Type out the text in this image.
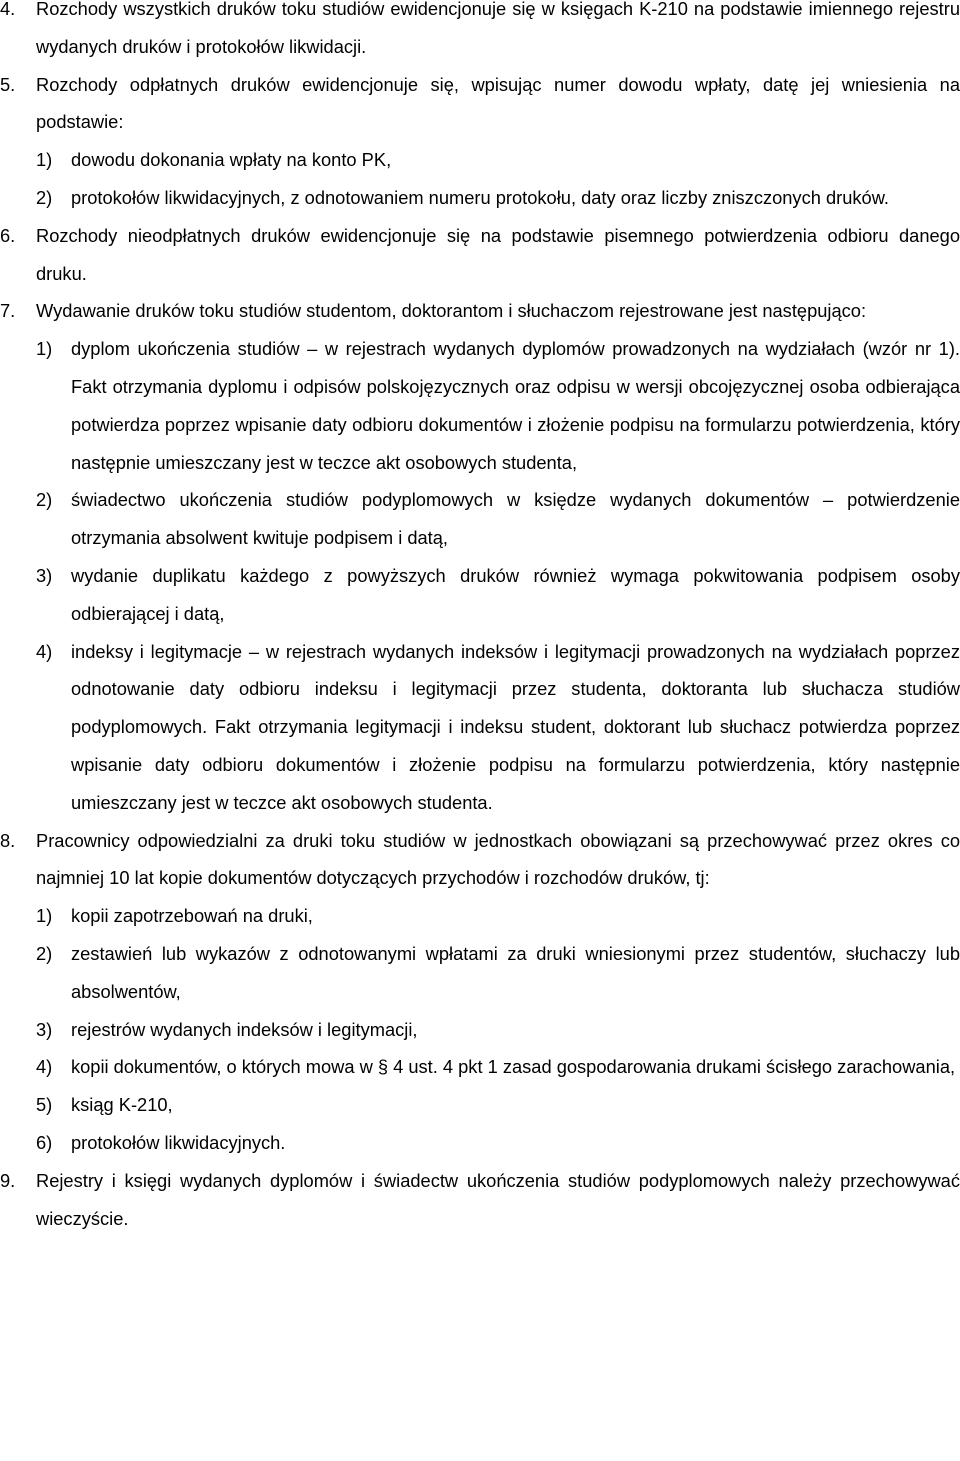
4. Rozchody wszystkich druków toku studiów ewidencjonuje się w księgach K-210 na podstawie imiennego rejestru wydanych druków i protokołów likwidacji.
5. Rozchody odpłatnych druków ewidencjonuje się, wpisując numer dowodu wpłaty, datę jej wniesienia na podstawie:
1) dowodu dokonania wpłaty na konto PK,
2) protokołów likwidacyjnych, z odnotowaniem numeru protokołu, daty oraz liczby zniszczonych druków.
6. Rozchody nieodpłatnych druków ewidencjonuje się na podstawie pisemnego potwierdzenia odbioru danego druku.
7. Wydawanie druków toku studiów studentom, doktorantom i słuchaczom rejestrowane jest następująco:
1) dyplom ukończenia studiów – w rejestrach wydanych dyplomów prowadzonych na wydziałach (wzór nr 1). Fakt otrzymania dyplomu i odpisów polskojęzycznych oraz odpisu w wersji obcojęzycznej osoba odbierająca potwierdza poprzez wpisanie daty odbioru dokumentów i złożenie podpisu na formularzu potwierdzenia, który następnie umieszczany jest w teczce akt osobowych studenta,
2) świadectwo ukończenia studiów podyplomowych w księdze wydanych dokumentów – potwierdzenie otrzymania absolwent kwituje podpisem i datą,
3) wydanie duplikatu każdego z powyższych druków również wymaga pokwitowania podpisem osoby odbierającej i datą,
4) indeksy i legitymacje – w rejestrach wydanych indeksów i legitymacji prowadzonych na wydziałach poprzez odnotowanie daty odbioru indeksu i legitymacji przez studenta, doktoranta lub słuchacza studiów podyplomowych. Fakt otrzymania legitymacji i indeksu student, doktorant lub słuchacz potwierdza poprzez wpisanie daty odbioru dokumentów i złożenie podpisu na formularzu potwierdzenia, który następnie umieszczany jest w teczce akt osobowych studenta.
8. Pracownicy odpowiedzialni za druki toku studiów w jednostkach obowiązani są przechowywać przez okres co najmniej 10 lat kopie dokumentów dotyczących przychodów i rozchodów druków, tj:
1) kopii zapotrzebowań na druki,
2) zestawień lub wykazów z odnotowanymi wpłatami za druki wniesionymi przez studentów, słuchaczy lub absolwentów,
3) rejestrów wydanych indeksów i legitymacji,
4) kopii dokumentów, o których mowa w § 4 ust. 4 pkt 1 zasad gospodarowania drukami ścisłego zarachowania,
5) ksiąg K-210,
6) protokołów likwidacyjnych.
9. Rejestry i księgi wydanych dyplomów i świadectw ukończenia studiów podyplomowych należy przechowywać wieczyście.
